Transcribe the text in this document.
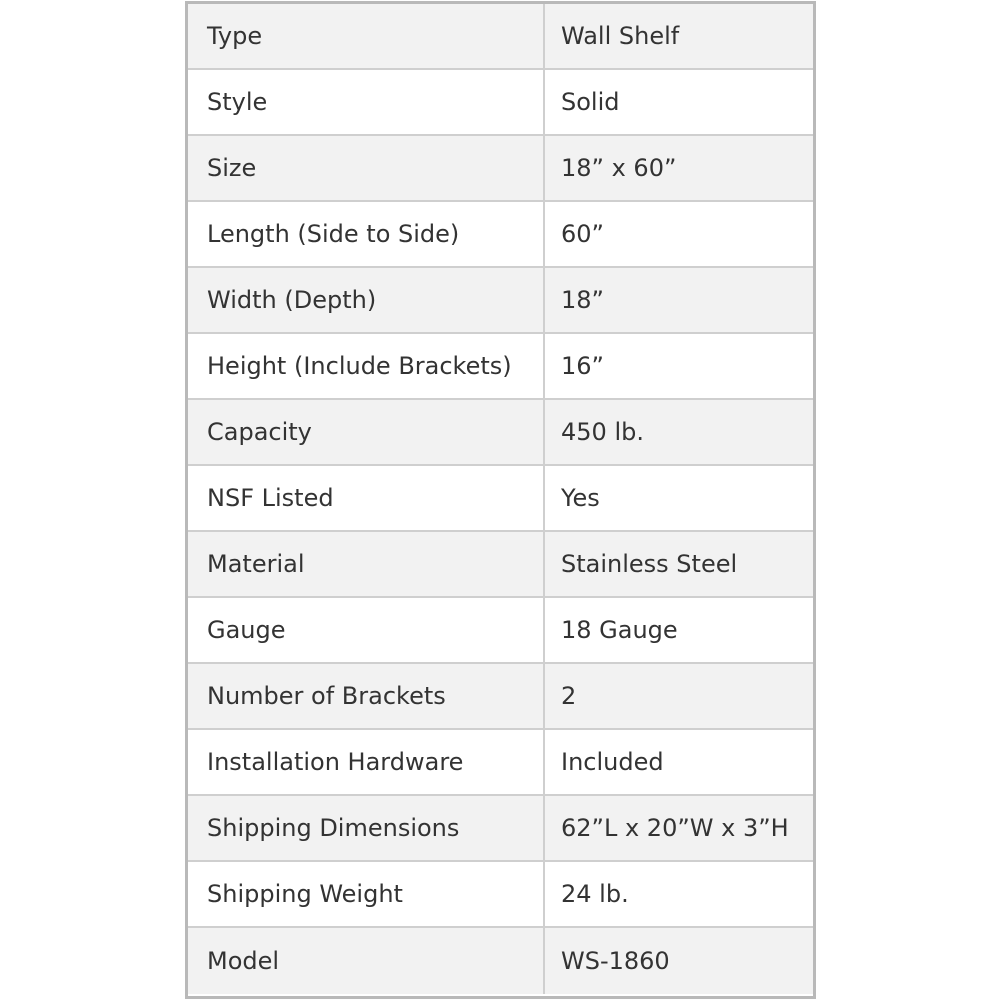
Type	Wall Shelf
Style	Solid
Size	18” x 60”
Length (Side to Side)	60”
Width (Depth)	18”
Height (Include Brackets)	16”
Capacity	450 lb.
NSF Listed	Yes
Material	Stainless Steel
Gauge	18 Gauge
Number of Brackets	2
Installation Hardware	Included
Shipping Dimensions	62”L x 20”W x 3”H
Shipping Weight	24 lb.
Model	WS-1860
